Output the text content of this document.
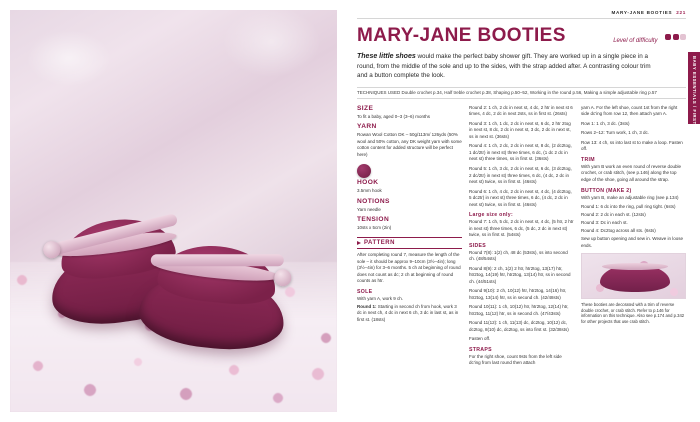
MARY-JANE BOOTIES 221
MARY-JANE BOOTIES	Level of difficulty

These little shoes would make the perfect baby shower gift. They are worked up in a single piece in a round, from the middle of the sole and up to the sides, with the strap added after. A contrasting colour trim and a button complete the look.

TECHNIQUES USED Double crochet p.34, Half treble crochet p.38, Shaping p.50–52, Working in the round p.56, Making a simple adjustable ring p.57
SIZE

To fit a baby, aged 0–3 (3–6) months

YARN

Rowan Wool Cotton DK – 50g/113m/ 126yds (50% wool and 50% cotton, any DK weight yarn with some cotton content for added structure will be perfect here)

HOOK

3.5mm hook

NOTIONS

Yarn needle

TENSION

10sts x 5cm (2in)

PATTERN

After completing round 7, measure the length of the sole – it should be approx 9–10cm (3½–4in); long (3½–4in) for 3–6 months. 5 ch at beginning of round does not count as dc; 2 ch at beginning of round counts as htr.

SOLE

With yarn A, work 9 ch.

Round 1: Starting in second ch from hook, work 3 dc in next ch, 4 dc in next 6 ch, 3 dc in last st, as in first st. (18sts)

Round 2: 1 ch, 2 dc in next st, 4 dc, 2 htr in next st 6 times, 4 dc, 2 dc in next 2sts, ss in first st. (26sts)

Round 3: 1 ch, 1 dc, 2 dc in next st, 6 dc, 2 htr 2tog in next st, 8 dc, 2 dc in next st, 3 dc, 2 dc in next st, ss in next st. (36sts)

Round 4: 1 ch, 2 dc, 2 dc in next st, 8 dc, (2 dc2tog, 1 dc/2tr) in next st) three times, 6 dc, (1 dc 2 dc in next st) three times, ss in first st. (36sts)

Round 5: 1 ch, 3 dc, 2 dc in next st, 6 dc, (3 dc2tog, 2 dc/2tr) in next st) three times, 6 dc, (4 dc, 2 dc in next st) twice, ss in first st. (46sts)

Round 6: 1 ch, 4 dc, 2 dc in next st, 4 dc, (4 dc2tog, 5 dc2tr) in next st) three times, 6 dc, (4 dc, 2 dc in next st) twice, ss in first st. (46sts)

Large size only:

Round 7: 1 ch, 5 dc, 2 dc in next st, 4 dc, (5 htr, 2 htr in next st) three times, 6 dc, (5 dc, 2 dc in next st) twice, ss in first st. (54sts)

SIDES

Round 7(8): 1(2) ch, 48 dc (53sts), ss into second ch. (48/54sts)

Round 8(9): 2 ch, 1(2) 2 htr, htr2tog, 13(17) htr, htr2tog, 14(19) htr, htr2tog, 13(14) htr, ss in second ch. (44/51sts)

Round 9(10): 2 ch, 10(12) htr, htr2tog, 14(16) htr, htr2tog, 13(14) htr, ss in second ch. (42/48sts)

Round 10(11): 1 ch, 10(12) htr, htr2tog, 12(14) htr, htr2tog, 11(12) htr, ss in second ch. (47/43sts)

Round 11(12): 1 ch, 11(13) dc, dc2tog, 10(12) dc, dc2tog, 8(10) dc, dc2tog, ss into first st. (32/38sts)

Fasten off.

STRAPS

For the right shoe, count 9sts from the left side dc'ing from last round then attach

yarn A. For the left shoe, count 1st from the right side dc'ing from row 12, then attach yarn A.

Row 1: 1 ch, 3 dc. (3sts)

Rows 2–12: Turn work, 1 ch, 3 dc.

Row 13: 4 ch, ss into last st to make a loop. Fasten off.

TRIM

With yarn B work an even round of reverse double crochet, or crab stitch, (see p.146) along the top edge of the shoe, going all around the strap.

BUTTON (MAKE 2)

With yarn B, make an adjustable ring (see p.134)

Round 1: 6 dc into the ring, pull ring tight. (6sts)

Round 2: 2 dc in each st. (12sts)

Round 3: Dc in each st.

Round 4: Dc2tog across all sts. (6sts)

Sew up button opening and sew in. Weave in loose ends.

These booties are decorated with a trim of reverse double crochet, or crab stitch. Refer to p.146 for information on this technique. Also see p.174 and p.342 for other projects that use crab stitch.
BABY ESSENTIALS / FIRST STEPS
